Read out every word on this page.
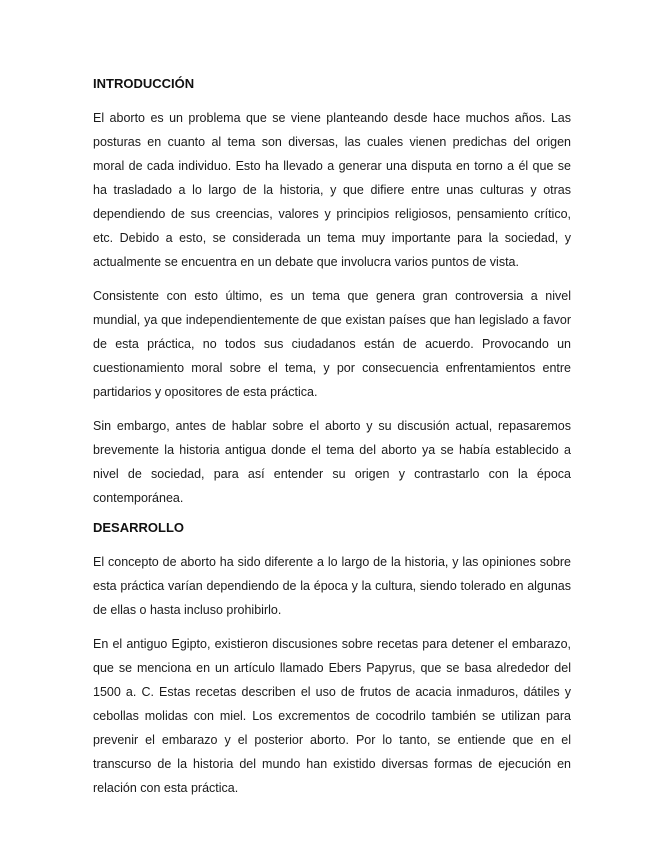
INTRODUCCIÓN

El aborto es un problema que se viene planteando desde hace muchos años. Las posturas en cuanto al tema son diversas, las cuales vienen predichas del origen moral de cada individuo. Esto ha llevado a generar una disputa en torno a él que se ha trasladado a lo largo de la historia, y que difiere entre unas culturas y otras dependiendo de sus creencias, valores y principios religiosos, pensamiento crítico, etc. Debido a esto, se considerada un tema muy importante para la sociedad, y actualmente se encuentra en un debate que involucra varios puntos de vista.

Consistente con esto último, es un tema que genera gran controversia a nivel mundial, ya que independientemente de que existan países que han legislado a favor de esta práctica, no todos sus ciudadanos están de acuerdo. Provocando un cuestionamiento moral sobre el tema, y por consecuencia enfrentamientos entre partidarios y opositores de esta práctica.

Sin embargo, antes de hablar sobre el aborto y su discusión actual, repasaremos brevemente la historia antigua donde el tema del aborto ya se había establecido a nivel de sociedad, para así entender su origen y contrastarlo con la época contemporánea.

DESARROLLO

El concepto de aborto ha sido diferente a lo largo de la historia, y las opiniones sobre esta práctica varían dependiendo de la época y la cultura, siendo tolerado en algunas de ellas o hasta incluso prohibirlo.

En el antiguo Egipto, existieron discusiones sobre recetas para detener el embarazo, que se menciona en un artículo llamado Ebers Papyrus, que se basa alrededor del 1500 a. C. Estas recetas describen el uso de frutos de acacia inmaduros, dátiles y cebollas molidas con miel. Los excrementos de cocodrilo también se utilizan para prevenir el embarazo y el posterior aborto. Por lo tanto, se entiende que en el transcurso de la historia del mundo han existido diversas formas de ejecución en relación con esta práctica.
